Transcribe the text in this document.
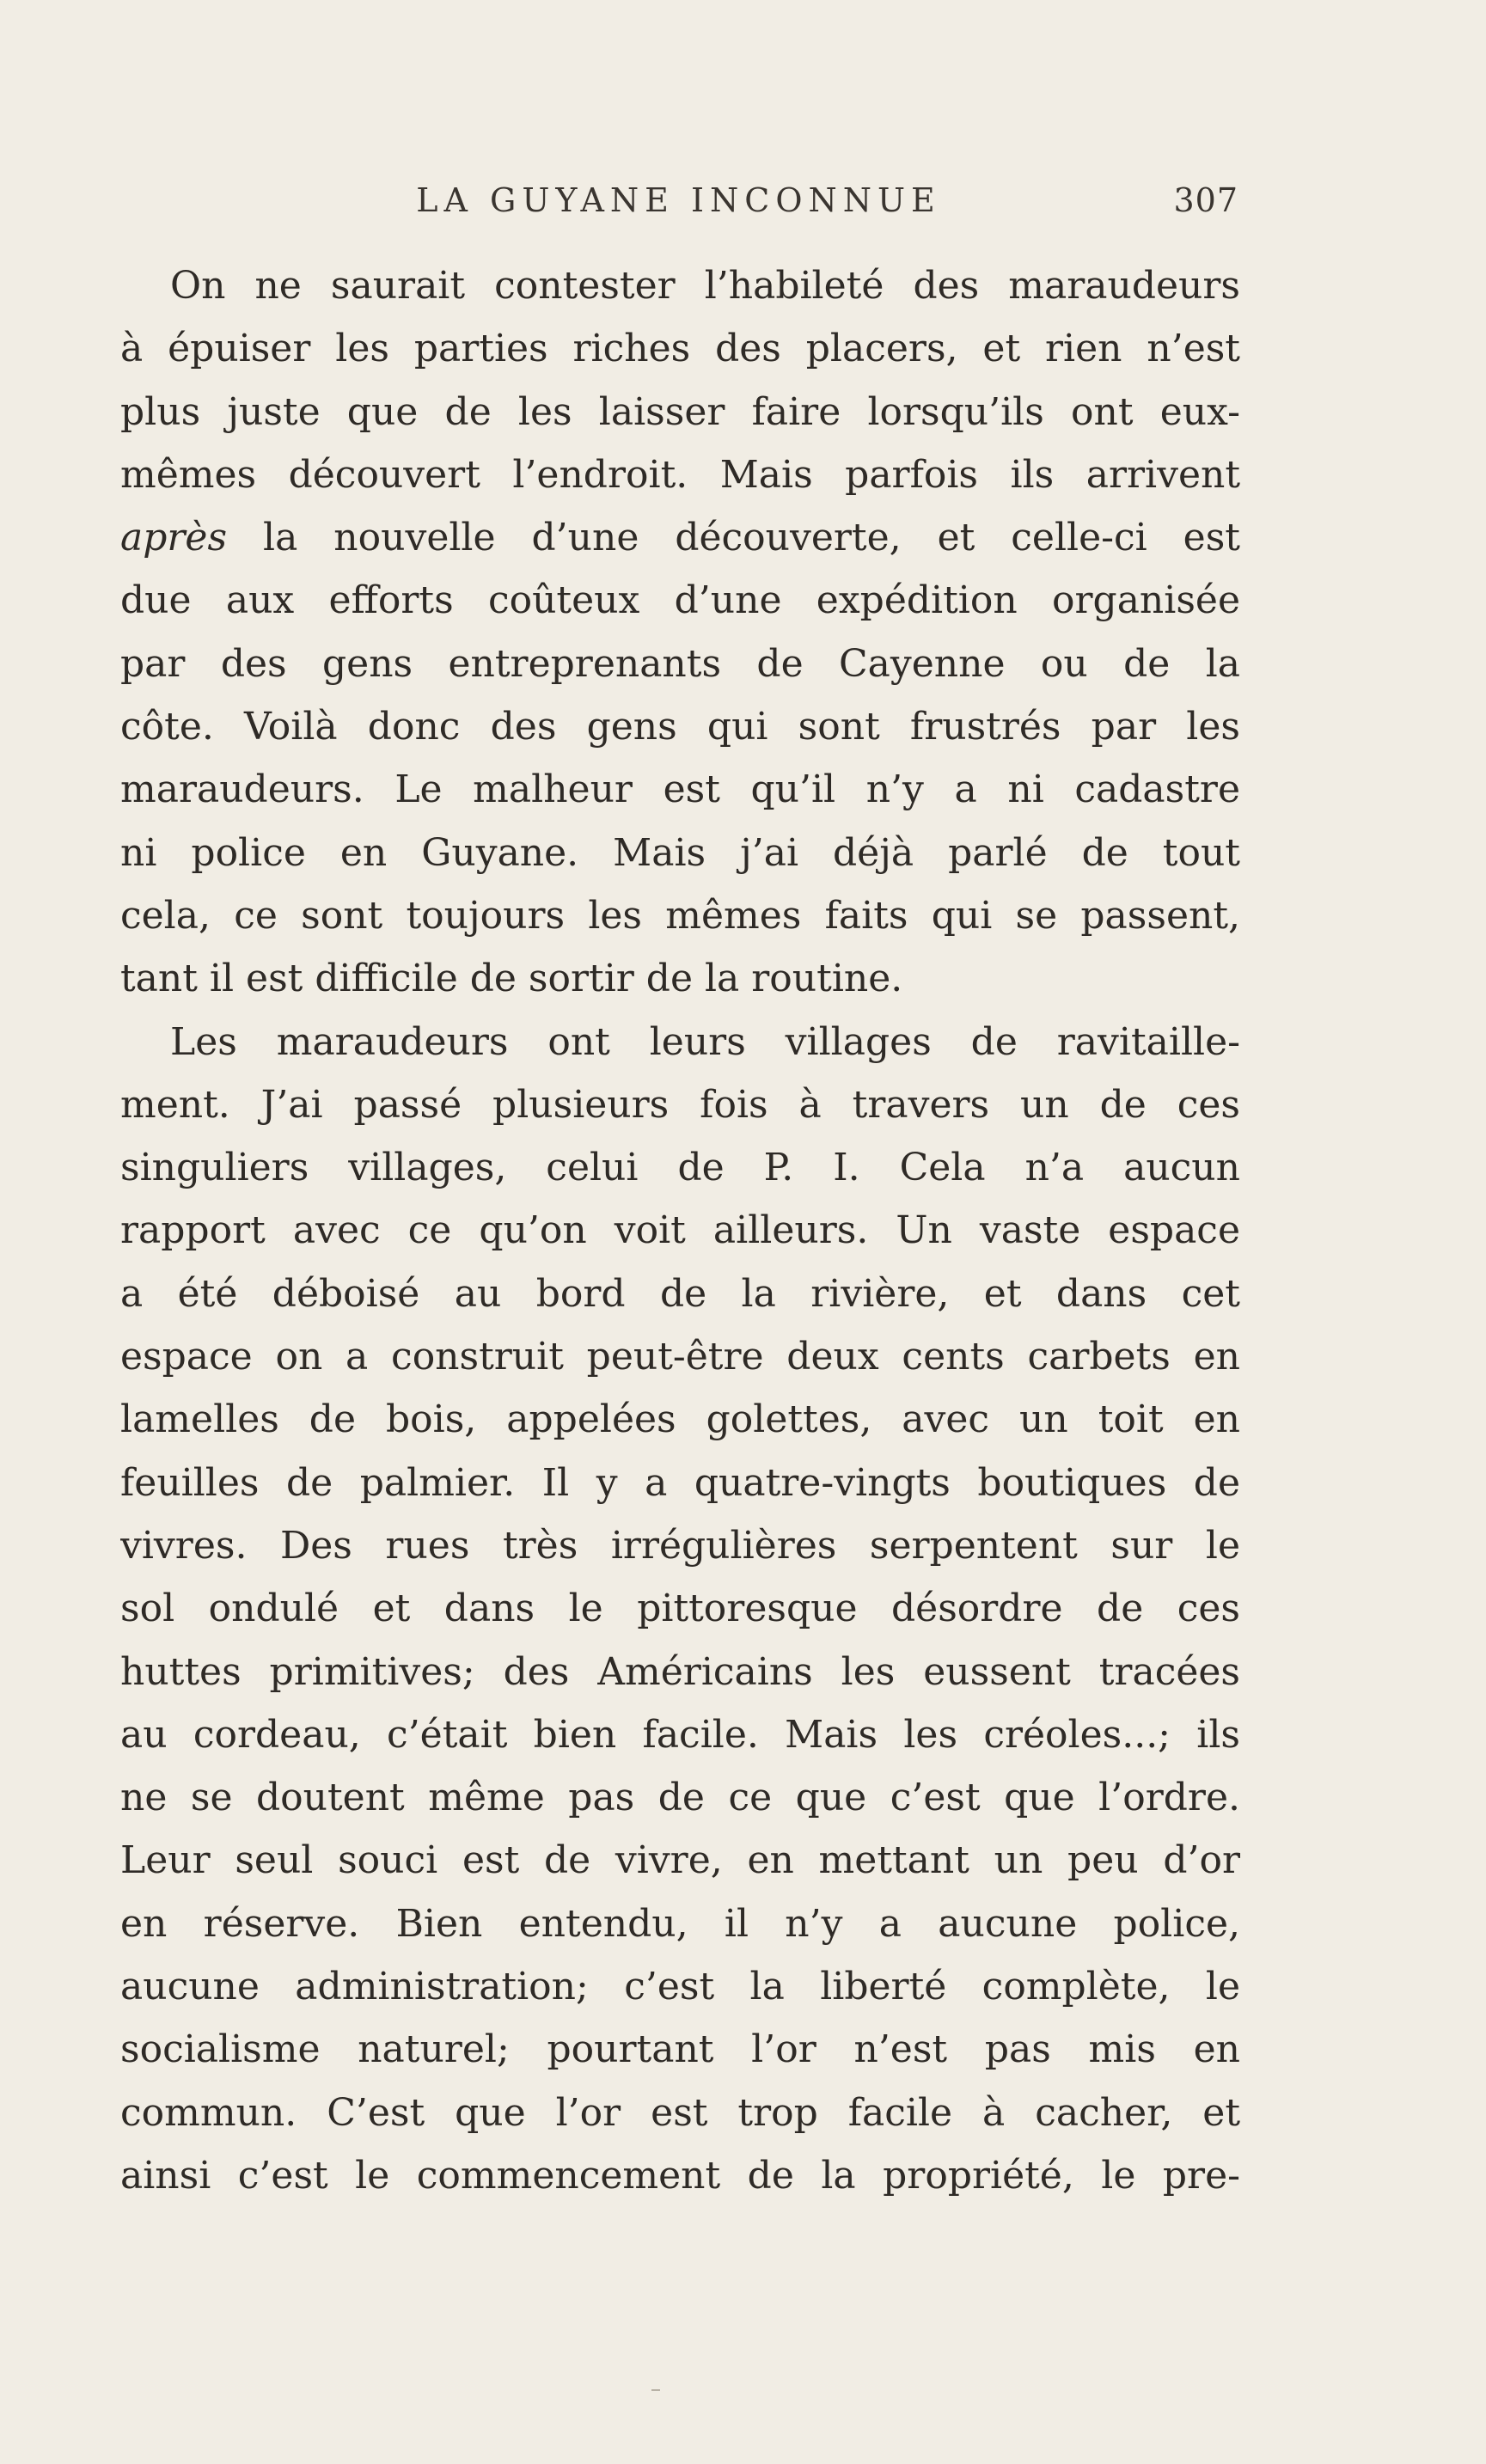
LA GUYANE INCONNUE	307
On ne saurait contester l’habileté des maraudeurs
à épuiser les parties riches des placers, et rien n’est
plus juste que de les laisser faire lorsqu’ils ont eux-
mêmes découvert l’endroit. Mais parfois ils arrivent
après la nouvelle d’une découverte, et celle-ci est
due aux efforts coûteux d’une expédition organisée
par des gens entreprenants de Cayenne ou de la
côte. Voilà donc des gens qui sont frustrés par les
maraudeurs. Le malheur est qu’il n’y a ni cadastre
ni police en Guyane. Mais j’ai déjà parlé de tout
cela, ce sont toujours les mêmes faits qui se passent,
tant il est difficile de sortir de la routine.
Les maraudeurs ont leurs villages de ravitaille-
ment. J’ai passé plusieurs fois à travers un de ces
singuliers villages, celui de P. I. Cela n’a aucun
rapport avec ce qu’on voit ailleurs. Un vaste espace
a été déboisé au bord de la rivière, et dans cet
espace on a construit peut-être deux cents carbets en
lamelles de bois, appelées golettes, avec un toit en
feuilles de palmier. Il y a quatre-vingts boutiques de
vivres. Des rues très irrégulières serpentent sur le
sol ondulé et dans le pittoresque désordre de ces
huttes primitives; des Américains les eussent tracées
au cordeau, c’était bien facile. Mais les créoles...; ils
ne se doutent même pas de ce que c’est que l’ordre.
Leur seul souci est de vivre, en mettant un peu d’or
en réserve. Bien entendu, il n’y a aucune police,
aucune administration; c’est la liberté complète, le
socialisme naturel; pourtant l’or n’est pas mis en
commun. C’est que l’or est trop facile à cacher, et
ainsi c’est le commencement de la propriété, le pre-
